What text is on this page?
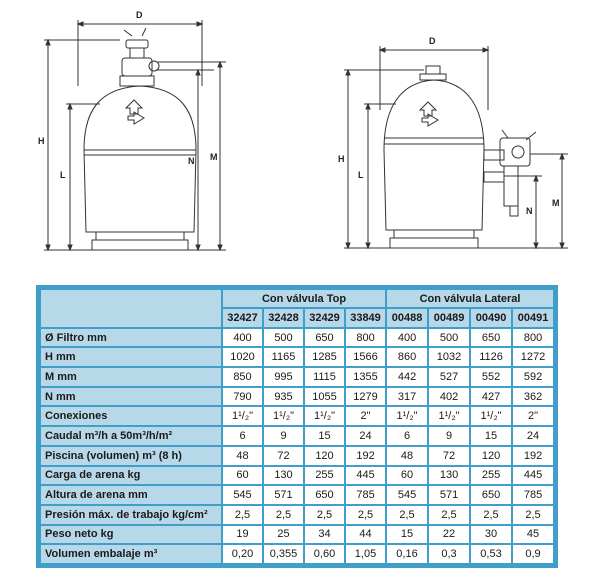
D
H
L
N M
D
H
L
N
M
	Con válvula Top				Con válvula Lateral			
	32427	32428	32429	33849	00488	00489	00490	00491
Ø Filtro mm	400	500	650	800	400	500	650	800
H mm	1020	1165	1285	1566	860	1032	1126	1272
M mm	850	995	1115	1355	442	527	552	592
N mm	790	935	1055	1279	317	402	427	362
Conexiones	1¹/₂"	1¹/₂"	1¹/₂"	2"	1¹/₂"	1¹/₂"	1¹/₂"	2"
Caudal m³/h a 50m³/h/m²	6	9	15	24	6	9	15	24
Piscina (volumen) m³ (8 h)	48	72	120	192	48	72	120	192
Carga de arena kg	60	130	255	445	60	130	255	445
Altura de arena mm	545	571	650	785	545	571	650	785
Presión máx. de trabajo kg/cm²	2,5	2,5	2,5	2,5	2,5	2,5	2,5	2,5
Peso neto kg	19	25	34	44	15	22	30	45
Volumen embalaje m³	0,20	0,355	0,60	1,05	0,16	0,3	0,53	0,9
